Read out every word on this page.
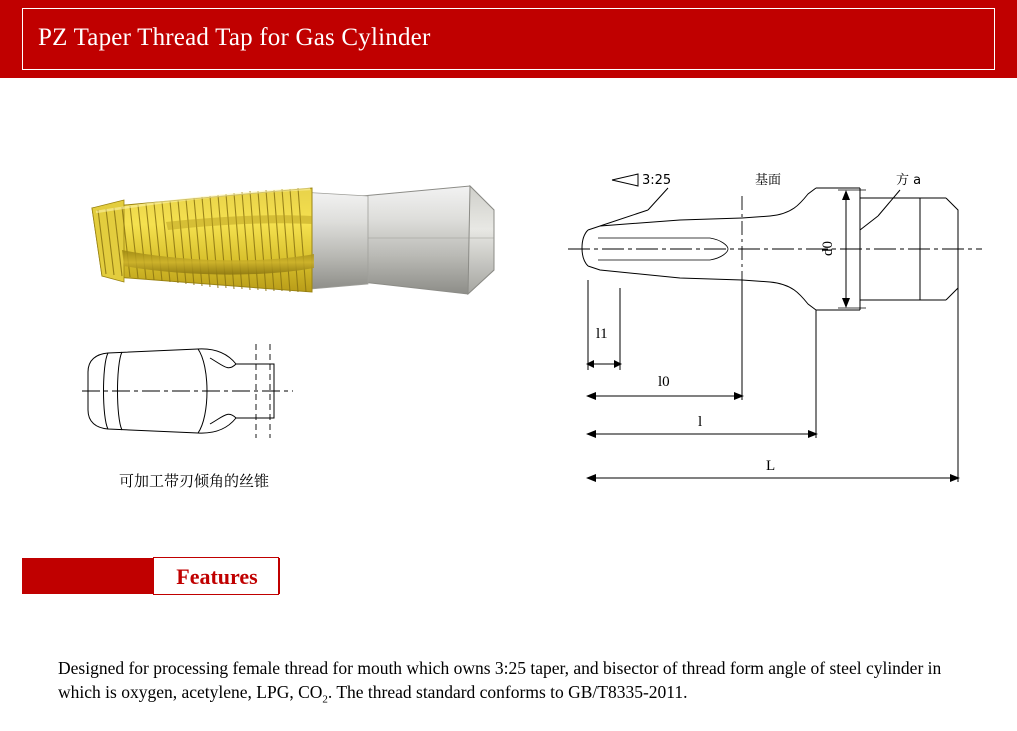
PZ Taper Thread Tap for Gas Cylinder
可加工带刃倾角的丝锥
3:25	基面	方 a
d0
l1
l0
l
L
Features
Designed for processing female thread for mouth which owns 3:25 taper, and bisector of thread form angle of steel cylinder in which is oxygen, acetylene, LPG, $CO_2$. The thread standard conforms to GB/T8335-2011.
